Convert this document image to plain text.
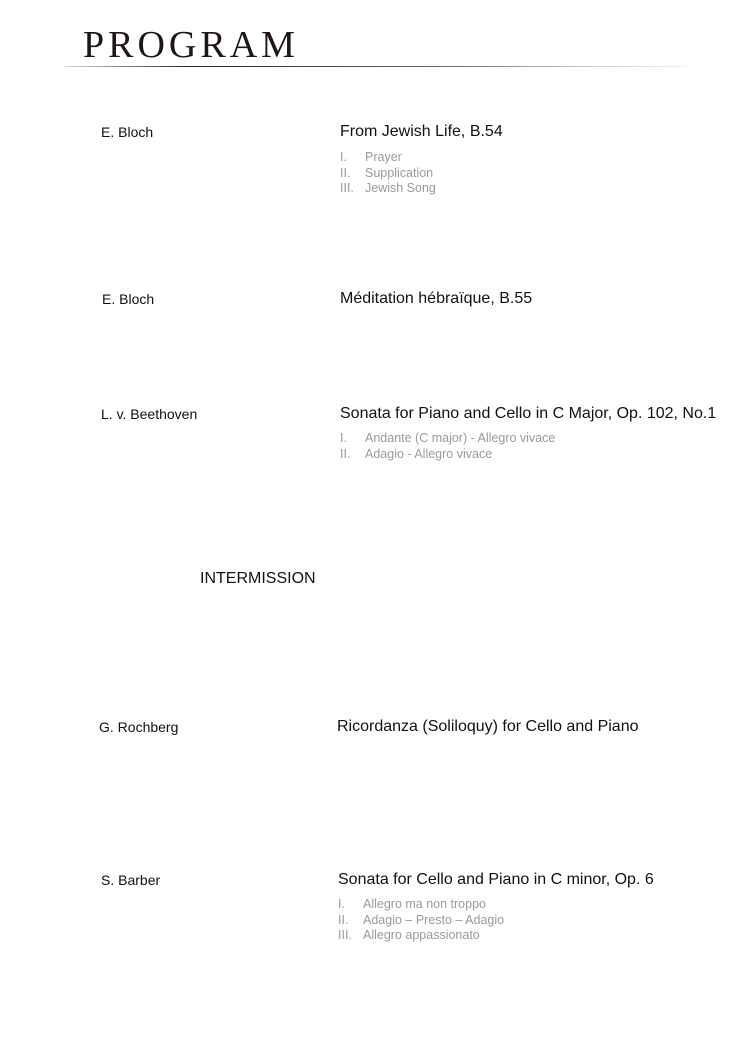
PROGRAM
E. Bloch	From Jewish Life, B.54
I. Prayer
II. Supplication
III. Jewish Song
E. Bloch	Méditation hébraïque, B.55
L. v. Beethoven	Sonata for Piano and Cello in C Major, Op. 102, No.1
I. Andante (C major) - Allegro vivace
II. Adagio - Allegro vivace
INTERMISSION
G. Rochberg	Ricordanza (Soliloquy) for Cello and Piano
S. Barber	Sonata for Cello and Piano in C minor, Op. 6
I. Allegro ma non troppo
II. Adagio – Presto – Adagio
III. Allegro appassionato
